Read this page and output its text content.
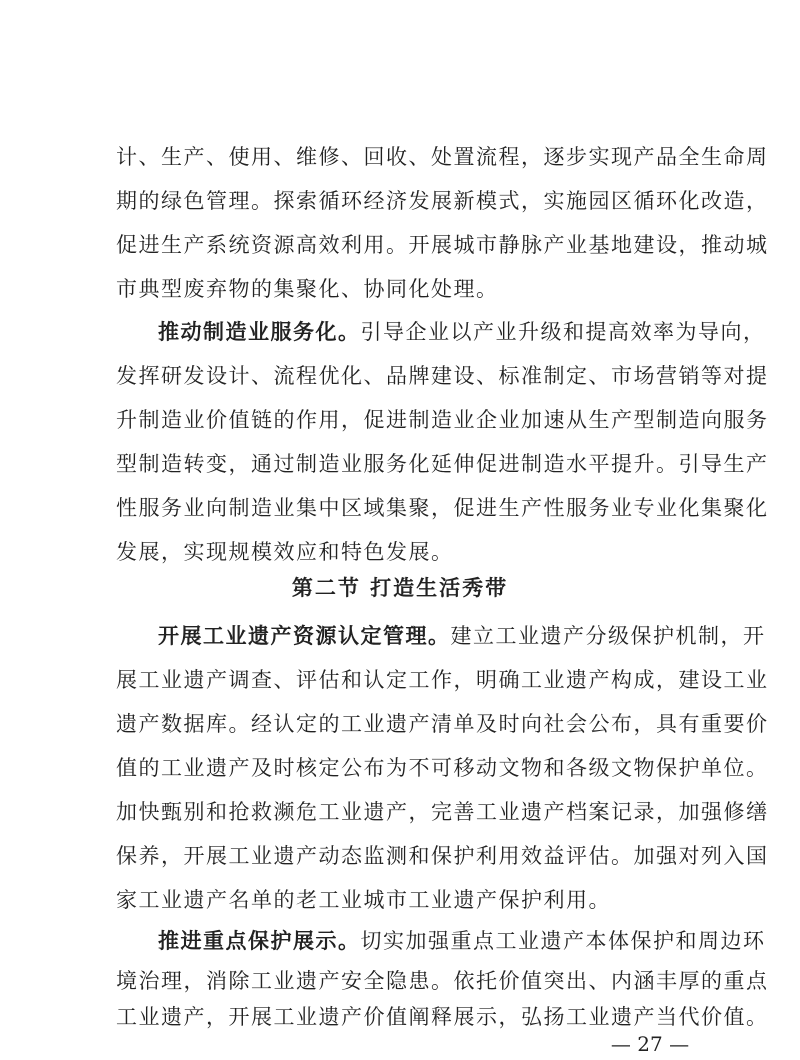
计、生产、使用、维修、回收、处置流程，逐步实现产品全生命周
期的绿色管理。探索循环经济发展新模式，实施园区循环化改造，
促进生产系统资源高效利用。开展城市静脉产业基地建设，推动城
市典型废弃物的集聚化、协同化处理。
推动制造业服务化。引导企业以产业升级和提高效率为导向，
发挥研发设计、流程优化、品牌建设、标准制定、市场营销等对提
升制造业价值链的作用，促进制造业企业加速从生产型制造向服务
型制造转变，通过制造业服务化延伸促进制造水平提升。引导生产
性服务业向制造业集中区域集聚，促进生产性服务业专业化集聚化
发展，实现规模效应和特色发展。
第二节 打造生活秀带
开展工业遗产资源认定管理。建立工业遗产分级保护机制，开
展工业遗产调查、评估和认定工作，明确工业遗产构成，建设工业
遗产数据库。经认定的工业遗产清单及时向社会公布，具有重要价
值的工业遗产及时核定公布为不可移动文物和各级文物保护单位。
加快甄别和抢救濒危工业遗产，完善工业遗产档案记录，加强修缮
保养，开展工业遗产动态监测和保护利用效益评估。加强对列入国
家工业遗产名单的老工业城市工业遗产保护利用。
推进重点保护展示。切实加强重点工业遗产本体保护和周边环
— 27 —
境治理，消除工业遗产安全隐患。依托价值突出、内涵丰厚的重点
工业遗产，开展工业遗产价值阐释展示，弘扬工业遗产当代价值。
